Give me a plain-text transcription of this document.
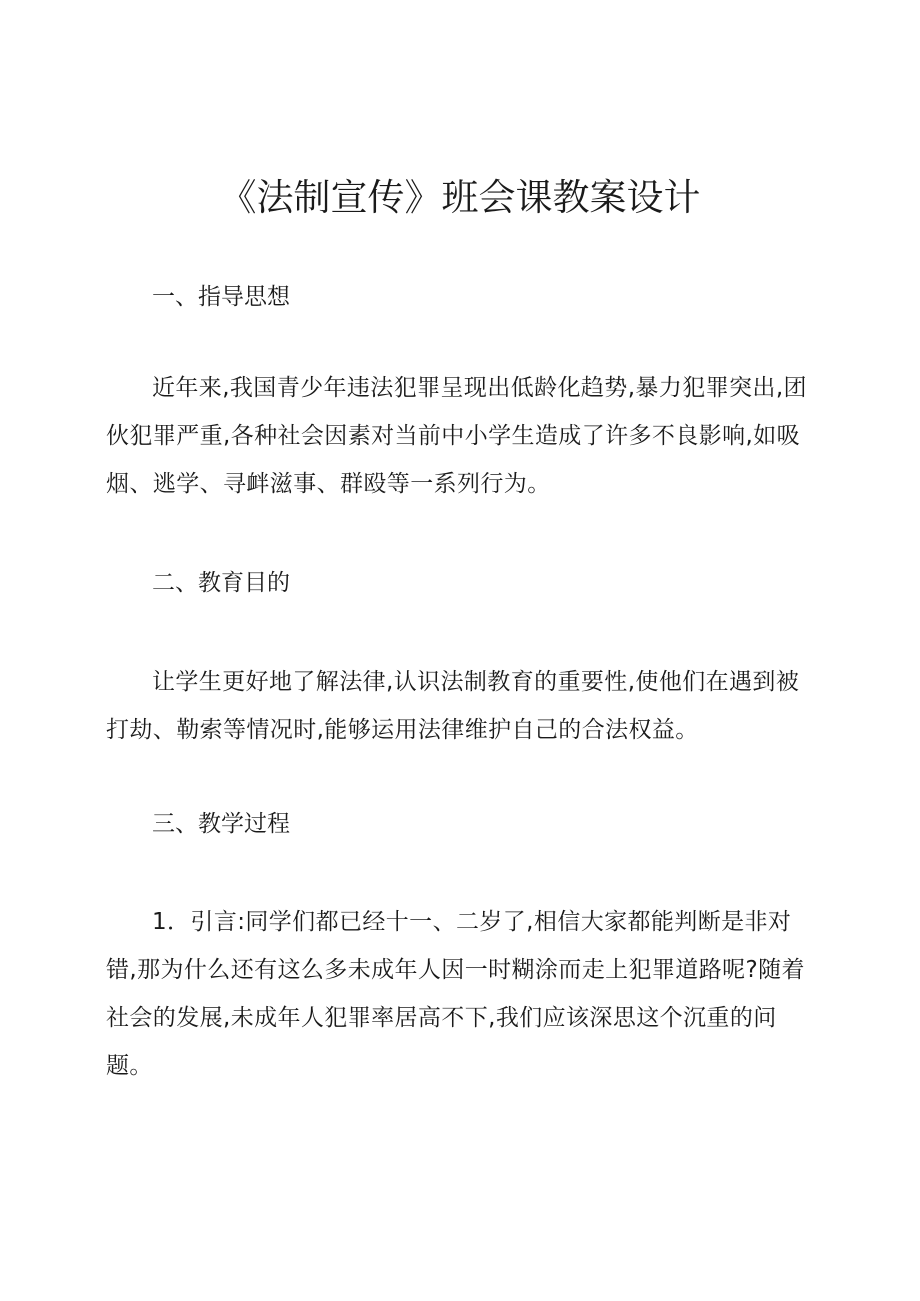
《法制宣传》班会课教案设计
一、指导思想
近年来,我国青少年违法犯罪呈现出低龄化趋势,暴力犯罪突出,团伙犯罪严重,各种社会因素对当前中小学生造成了许多不良影响,如吸烟、逃学、寻衅滋事、群殴等一系列行为。
二、教育目的
让学生更好地了解法律,认识法制教育的重要性,使他们在遇到被打劫、勒索等情况时,能够运用法律维护自己的合法权益。
三、教学过程
1．引言:同学们都已经十一、二岁了,相信大家都能判断是非对错,那为什么还有这么多未成年人因一时糊涂而走上犯罪道路呢?随着社会的发展,未成年人犯罪率居高不下,我们应该深思这个沉重的问题。
